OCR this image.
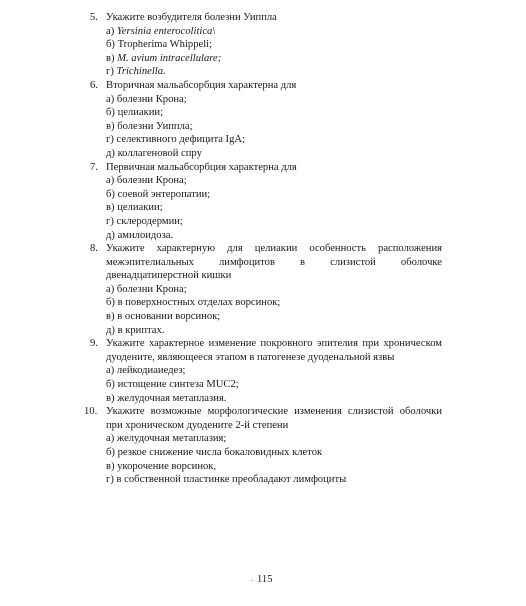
5. Укажите возбудителя болезни Уиппла
а) Yersinia enterocolitica\
б) Tropherima Whippeli;
в) M. avium intracellulare;
г) Trichinella.
6. Вторичная мальабсорбция характерна для
а) болезни Крона;
б) целиакии;
в) болезни Уиппла;
г) селективного дефицита IgA;
д) коллагеновой спру
7. Первичная мальабсорбция характерна для
а) болезни Крона;
б) соевой энтеропатии;
в) целиакии;
г) склеродермии;
д) амилоидоза.
8. Укажите характерную для целиакии особенность расположения межэпителиальных лимфоцитов в слизистой оболочке двенадцатиперстной кишки
а) болезни Крона;
б) в поверхностных отделах ворсинок;
в) в основании ворсинок;
д) в криптах.
9. Укажите характерное изменение покровного эпителия при хроническом дуодените, являющееся этапом в патогенезе дуоденальной язвы
а) лейкодиаиедез;
б) истощение синтеза MUC2;
в) желудочная метаплазия.
10. Укажите возможные морфологические изменения слизистой оболочки при хроническом дуодените 2-й степени
а) желудочная метаплазия;
б) резкое снижение числа бокаловидных клеток
в) укорочение ворсинок,
г) в собственной пластинке преобладают лимфоциты
. 115
